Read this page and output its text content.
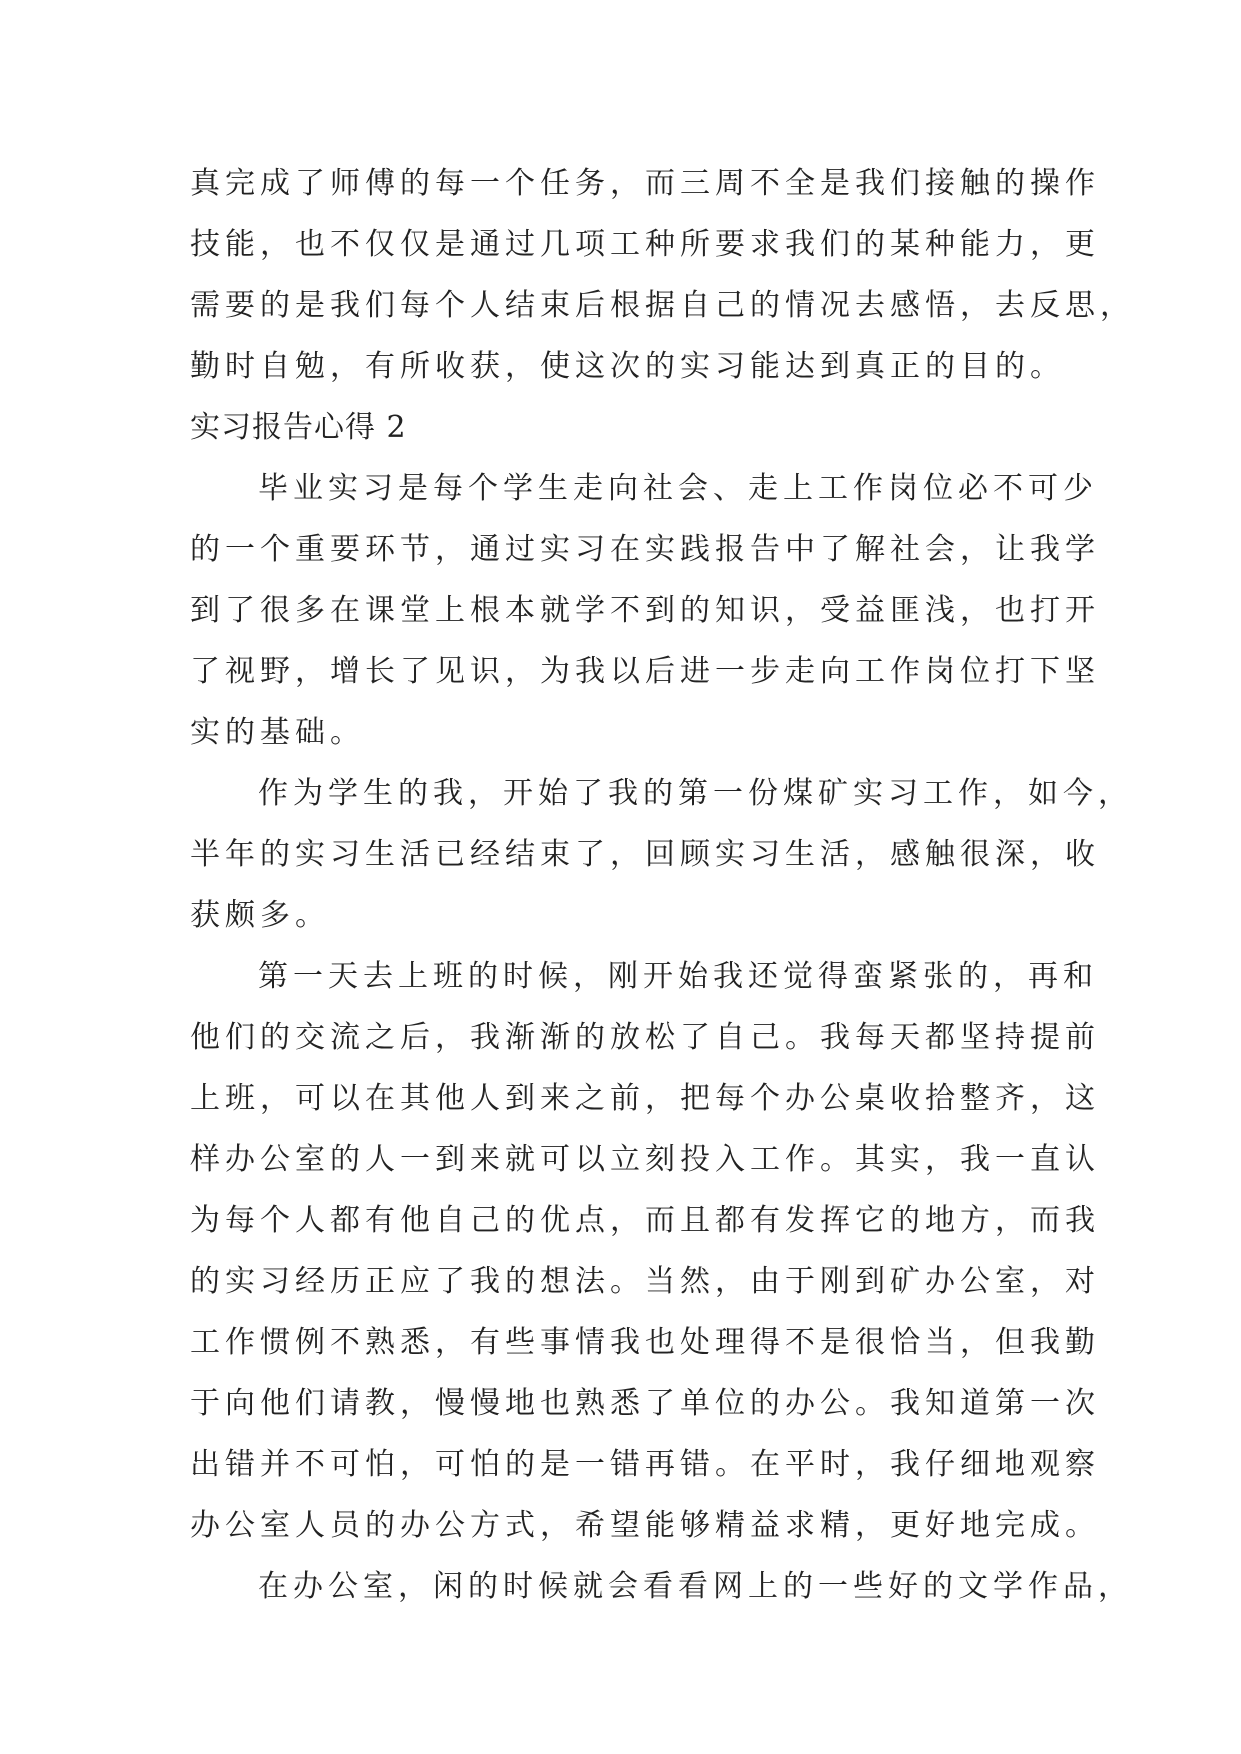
真完成了师傅的每一个任务，而三周不全是我们接触的操作
技能，也不仅仅是通过几项工种所要求我们的某种能力，更
需要的是我们每个人结束后根据自己的情况去感悟，去反思，
勤时自勉，有所收获，使这次的实习能达到真正的目的。
实习报告心得 2
毕业实习是每个学生走向社会、走上工作岗位必不可少
的一个重要环节，通过实习在实践报告中了解社会，让我学
到了很多在课堂上根本就学不到的知识，受益匪浅，也打开
了视野，增长了见识，为我以后进一步走向工作岗位打下坚
实的基础。
作为学生的我，开始了我的第一份煤矿实习工作，如今，
半年的实习生活已经结束了，回顾实习生活，感触很深，收
获颇多。
第一天去上班的时候，刚开始我还觉得蛮紧张的，再和
他们的交流之后，我渐渐的放松了自己。我每天都坚持提前
上班，可以在其他人到来之前，把每个办公桌收拾整齐，这
样办公室的人一到来就可以立刻投入工作。其实，我一直认
为每个人都有他自己的优点，而且都有发挥它的地方，而我
的实习经历正应了我的想法。当然，由于刚到矿办公室，对
工作惯例不熟悉，有些事情我也处理得不是很恰当，但我勤
于向他们请教，慢慢地也熟悉了单位的办公。我知道第一次
出错并不可怕，可怕的是一错再错。在平时，我仔细地观察
办公室人员的办公方式，希望能够精益求精，更好地完成。
在办公室，闲的时候就会看看网上的一些好的文学作品，
